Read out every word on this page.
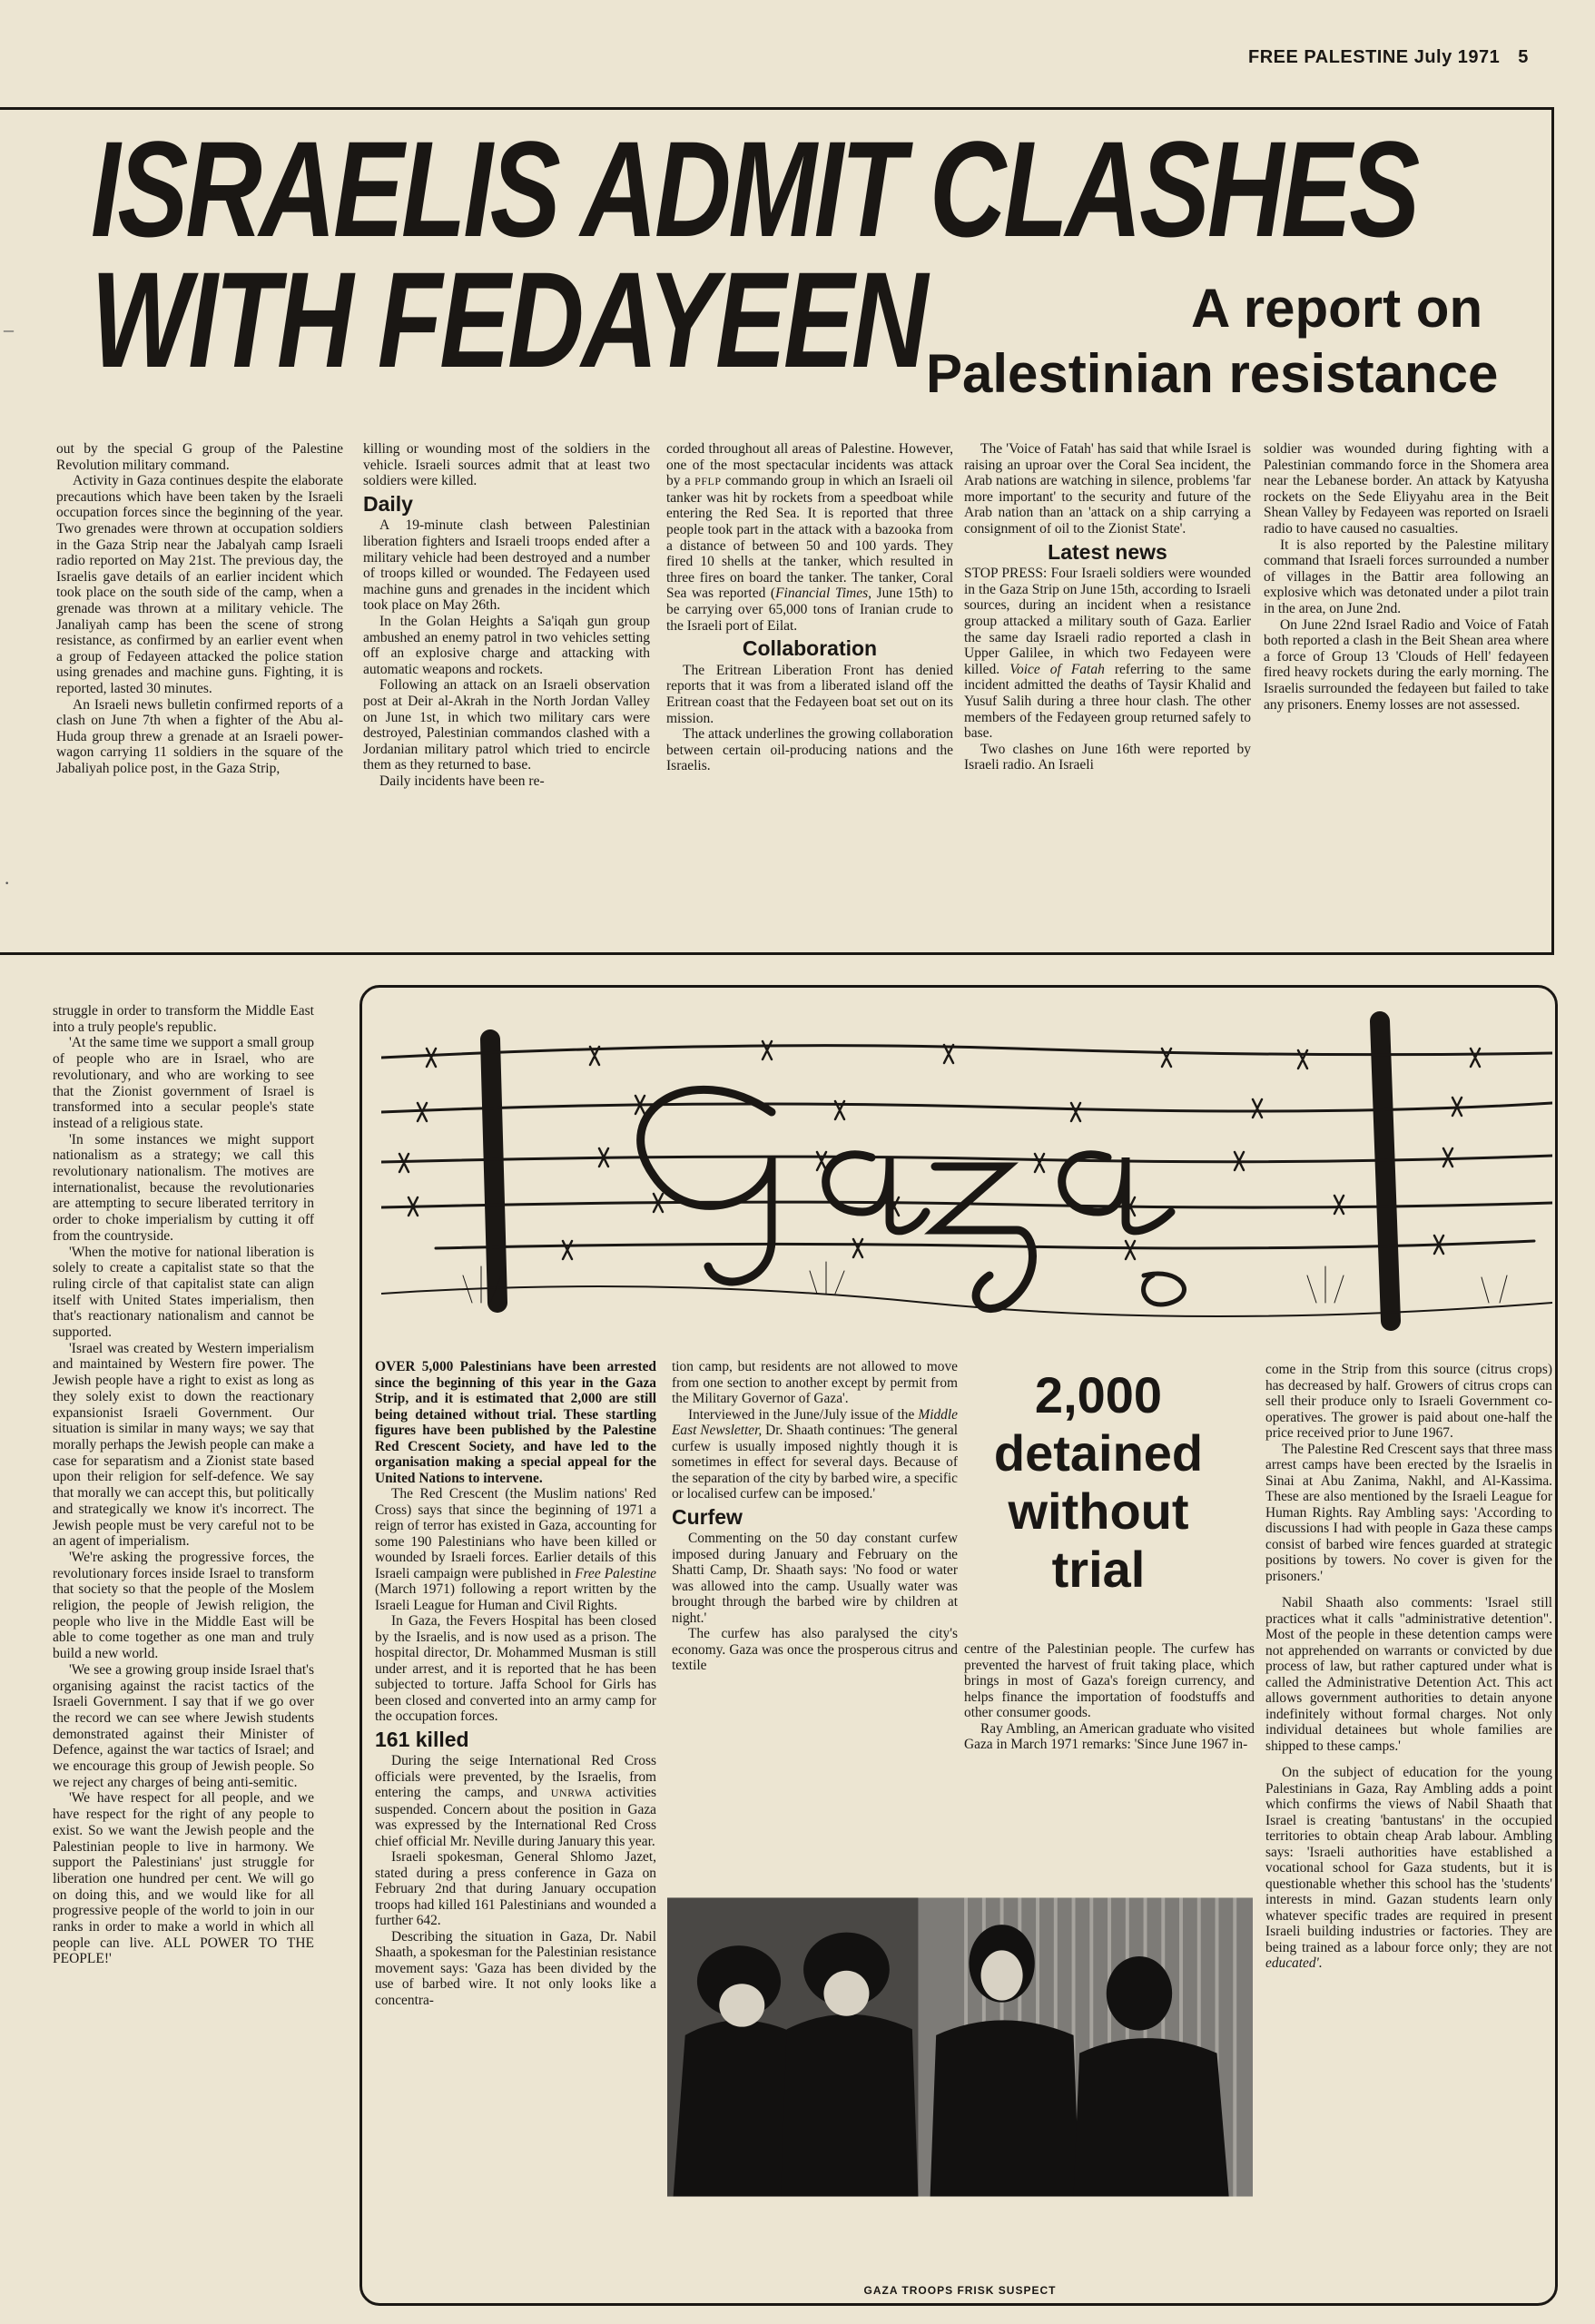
FREE PALESTINE July 1971 5
ISRAELIS ADMIT CLASHES
WITH FEDAYEEN	A report on
Palestinian resistance

out by the special G group of the Palestine Revolution military command.

Activity in Gaza continues despite the elaborate precautions which have been taken by the Israeli occupation forces since the beginning of the year. Two grenades were thrown at occupation soldiers in the Gaza Strip near the Jabalyah camp Israeli radio reported on May 21st. The previous day, the Israelis gave details of an earlier incident which took place on the south side of the camp, when a grenade was thrown at a military vehicle. The Janaliyah camp has been the scene of strong resistance, as confirmed by an earlier event when a group of Fedayeen attacked the police station using grenades and machine guns. Fighting, it is reported, lasted 30 minutes.

An Israeli news bulletin confirmed reports of a clash on June 7th when a fighter of the Abu al-Huda group threw a grenade at an Israeli power-wagon carrying 11 soldiers in the square of the Jabaliyah police post, in the Gaza Strip,

killing or wounding most of the soldiers in the vehicle. Israeli sources admit that at least two soldiers were killed.

Daily

A 19-minute clash between Palestinian liberation fighters and Israeli troops ended after a military vehicle had been destroyed and a number of troops killed or wounded. The Fedayeen used machine guns and grenades in the incident which took place on May 26th.

In the Golan Heights a Sa'iqah gun group ambushed an enemy patrol in two vehicles setting off an explosive charge and attacking with automatic weapons and rockets.

Following an attack on an Israeli observation post at Deir al-Akrah in the North Jordan Valley on June 1st, in which two military cars were destroyed, Palestinian commandos clashed with a Jordanian military patrol which tried to encircle them as they returned to base.

Daily incidents have been re-

corded throughout all areas of Palestine. However, one of the most spectacular incidents was attack by a PFLP commando group in which an Israeli oil tanker was hit by rockets from a speedboat while entering the Red Sea. It is reported that three people took part in the attack with a bazooka from a distance of between 50 and 100 yards. They fired 10 shells at the tanker, which resulted in three fires on board the tanker. The tanker, Coral Sea was reported (Financial Times, June 15th) to be carrying over 65,000 tons of Iranian crude to the Israeli port of Eilat.

Collaboration

The Eritrean Liberation Front has denied reports that it was from a liberated island off the Eritrean coast that the Fedayeen boat set out on its mission.

The attack underlines the growing collaboration between certain oil-producing nations and the Israelis.

The 'Voice of Fatah' has said that while Israel is raising an uproar over the Coral Sea incident, the Arab nations are watching in silence, problems 'far more important' to the security and future of the Arab nation than an 'attack on a ship carrying a consignment of oil to the Zionist State'.

Latest news

STOP PRESS: Four Israeli soldiers were wounded in the Gaza Strip on June 15th, according to Israeli sources, during an incident when a resistance group attacked a military south of Gaza. Earlier the same day Israeli radio reported a clash in Upper Galilee, in which two Fedayeen were killed. Voice of Fatah referring to the same incident admitted the deaths of Taysir Khalid and Yusuf Salih during a three hour clash. The other members of the Fedayeen group returned safely to base.

Two clashes on June 16th were reported by Israeli radio. An Israeli

soldier was wounded during fighting with a Palestinian commando force in the Shomera area near the Lebanese border. An attack by Katyusha rockets on the Sede Eliyyahu area in the Beit Shean Valley by Fedayeen was reported on Israeli radio to have caused no casualties.

It is also reported by the Palestine military command that Israeli forces surrounded a number of villages in the Battir area following an explosive which was detonated under a pilot train in the area, on June 2nd.

On June 22nd Israel Radio and Voice of Fatah both reported a clash in the Beit Shean area where a force of Group 13 'Clouds of Hell' fedayeen fired heavy rockets during the early morning. The Israelis surrounded the fedayeen but failed to take any prisoners. Enemy losses are not assessed.

struggle in order to transform the Middle East into a truly people's republic.

'At the same time we support a small group of people who are in Israel, who are revolutionary, and who are working to see that the Zionist government of Israel is transformed into a secular people's state instead of a religious state.

'In some instances we might support nationalism as a strategy; we call this revolutionary nationalism. The motives are internationalist, because the revolutionaries are attempting to secure liberated territory in order to choke imperialism by cutting it off from the countryside.

'When the motive for national liberation is solely to create a capitalist state so that the ruling circle of that capitalist state can align itself with United States imperialism, then that's reactionary nationalism and cannot be supported.

'Israel was created by Western imperialism and maintained by Western fire power. The Jewish people have a right to exist as long as they solely exist to down the reactionary expansionist Israeli Government. Our situation is similar in many ways; we say that morally perhaps the Jewish people can make a case for separatism and a Zionist state based upon their religion for self-defence. We say that morally we can accept this, but politically and strategically we know it's incorrect. The Jewish people must be very careful not to be an agent of imperialism.

'We're asking the progressive forces, the revolutionary forces inside Israel to transform that society so that the people of the Moslem religion, the people of Jewish religion, the people who live in the Middle East will be able to come together as one man and truly build a new world.

'We see a growing group inside Israel that's organising against the racist tactics of the Israeli Government. I say that if we go over the record we can see where Jewish students demonstrated against their Minister of Defence, against the war tactics of Israel; and we encourage this group of Jewish people. So we reject any charges of being anti-semitic.

'We have respect for all people, and we have respect for the right of any people to exist. So we want the Jewish people and the Palestinian people to live in harmony. We support the Palestinians' just struggle for liberation one hundred per cent. We will go on doing this, and we would like for all progressive people of the world to join in our ranks in order to make a world in which all people can live. ALL POWER TO THE PEOPLE!'

Gaza

OVER 5,000 Palestinians have been arrested since the beginning of this year in the Gaza Strip, and it is estimated that 2,000 are still being detained without trial. These startling figures have been published by the Palestine Red Crescent Society, and have led to the organisation making a special appeal for the United Nations to intervene.

The Red Crescent (the Muslim nations' Red Cross) says that since the beginning of 1971 a reign of terror has existed in Gaza, accounting for some 190 Palestinians who have been killed or wounded by Israeli forces. Earlier details of this Israeli campaign were published in Free Palestine (March 1971) following a report written by the Israeli League for Human and Civil Rights.

In Gaza, the Fevers Hospital has been closed by the Israelis, and is now used as a prison. The hospital director, Dr. Mohammed Musman is still under arrest, and it is reported that he has been subjected to torture. Jaffa School for Girls has been closed and converted into an army camp for the occupation forces.

161 killed

During the seige International Red Cross officials were prevented, by the Israelis, from entering the camps, and UNRWA activities suspended. Concern about the position in Gaza was expressed by the International Red Cross chief official Mr. Neville during January this year.

Israeli spokesman, General Shlomo Jazet, stated during a press conference in Gaza on February 2nd that during January occupation troops had killed 161 Palestinians and wounded a further 642.

Describing the situation in Gaza, Dr. Nabil Shaath, a spokesman for the Palestinian resistance movement says: 'Gaza has been divided by the use of barbed wire. It not only looks like a concentra-

tion camp, but residents are not allowed to move from one section to another except by permit from the Military Governor of Gaza'.

Interviewed in the June/July issue of the Middle East Newsletter, Dr. Shaath continues: 'The general curfew is usually imposed nightly though it is sometimes in effect for several days. Because of the separation of the city by barbed wire, a specific or localised curfew can be imposed.'

Curfew

Commenting on the 50 day constant curfew imposed during January and February on the Shatti Camp, Dr. Shaath says: 'No food or water was allowed into the camp. Usually water was brought through the barbed wire by children at night.'

The curfew has also paralysed the city's economy. Gaza was once the prosperous citrus and textile

2,000
detained
without
trial

centre of the Palestinian people. The curfew has prevented the harvest of fruit taking place, which brings in most of Gaza's foreign currency, and helps finance the importation of foodstuffs and other consumer goods.

Ray Ambling, an American graduate who visited Gaza in March 1971 remarks: 'Since June 1967 in-

come in the Strip from this source (citrus crops) has decreased by half. Growers of citrus crops can sell their produce only to Israeli Government co-operatives. The grower is paid about one-half the price received prior to June 1967.

The Palestine Red Crescent says that three mass arrest camps have been erected by the Israelis in Sinai at Abu Zanima, Nakhl, and Al-Kassima. These are also mentioned by the Israeli League for Human Rights. Ray Ambling says: 'According to discussions I had with people in Gaza these camps consist of barbed wire fences guarded at strategic positions by towers. No cover is given for the prisoners.'

Nabil Shaath also comments: 'Israel still practices what it calls "administrative detention". Most of the people in these detention camps were not apprehended on warrants or convicted by due process of law, but rather captured under what is called the Administrative Detention Act. This act allows government authorities to detain anyone indefinitely without formal charges. Not only individual detainees but whole families are shipped to these camps.'

On the subject of education for the young Palestinians in Gaza, Ray Ambling adds a point which confirms the views of Nabil Shaath that Israel is creating 'bantustans' in the occupied territories to obtain cheap Arab labour. Ambling says: 'Israeli authorities have established a vocational school for Gaza students, but it is questionable whether this school has the 'students' interests in mind. Gazan students learn only whatever specific trades are required in present Israeli building industries or factories. They are being trained as a labour force only; they are not educated'.

GAZA TROOPS FRISK SUSPECT
–
·
